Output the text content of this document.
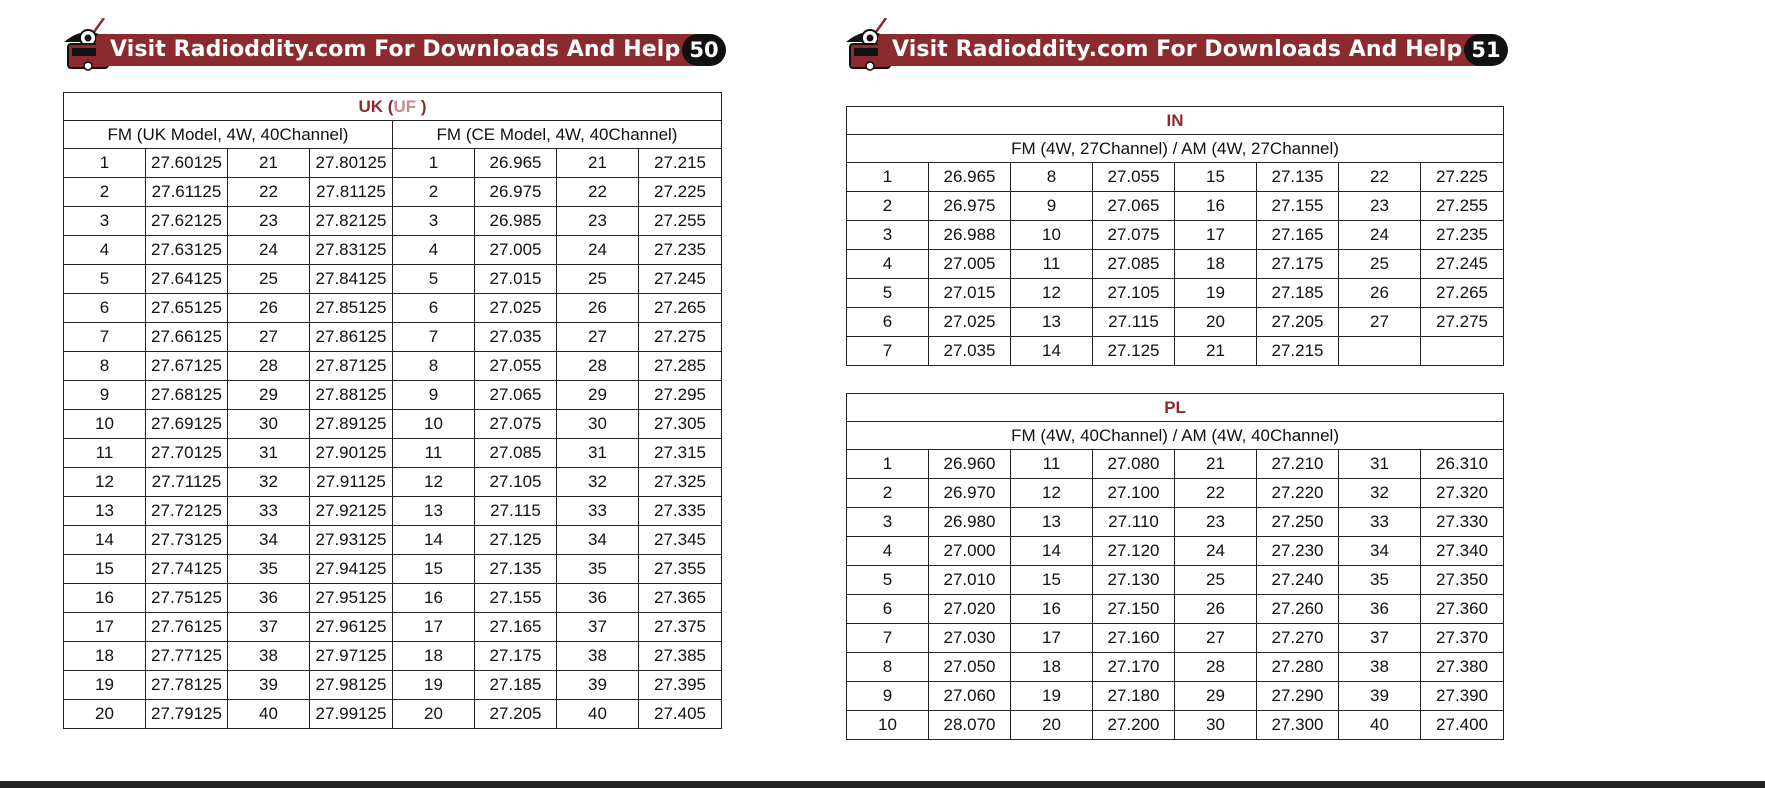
Visit Radioddity.com For Downloads And Help 50
UK (UF )							
FM (UK Model, 4W, 40Channel)				FM (CE Model, 4W, 40Channel)			
1	27.60125	21	27.80125	1	26.965	21	27.215
2	27.61125	22	27.81125	2	26.975	22	27.225
3	27.62125	23	27.82125	3	26.985	23	27.255
4	27.63125	24	27.83125	4	27.005	24	27.235
5	27.64125	25	27.84125	5	27.015	25	27.245
6	27.65125	26	27.85125	6	27.025	26	27.265
7	27.66125	27	27.86125	7	27.035	27	27.275
8	27.67125	28	27.87125	8	27.055	28	27.285
9	27.68125	29	27.88125	9	27.065	29	27.295
10	27.69125	30	27.89125	10	27.075	30	27.305
11	27.70125	31	27.90125	11	27.085	31	27.315
12	27.71125	32	27.91125	12	27.105	32	27.325
13	27.72125	33	27.92125	13	27.115	33	27.335
14	27.73125	34	27.93125	14	27.125	34	27.345
15	27.74125	35	27.94125	15	27.135	35	27.355
16	27.75125	36	27.95125	16	27.155	36	27.365
17	27.76125	37	27.96125	17	27.165	37	27.375
18	27.77125	38	27.97125	18	27.175	38	27.385
19	27.78125	39	27.98125	19	27.185	39	27.395
20	27.79125	40	27.99125	20	27.205	40	27.405
Visit Radioddity.com For Downloads And Help 51
IN							
FM (4W, 27Channel) / AM (4W, 27Channel)							
1	26.965	8	27.055	15	27.135	22	27.225
2	26.975	9	27.065	16	27.155	23	27.255
3	26.988	10	27.075	17	27.165	24	27.235
4	27.005	11	27.085	18	27.175	25	27.245
5	27.015	12	27.105	19	27.185	26	27.265
6	27.025	13	27.115	20	27.205	27	27.275
7	27.035	14	27.125	21	27.215		
PL							
FM (4W, 40Channel) / AM (4W, 40Channel)							
1	26.960	11	27.080	21	27.210	31	26.310
2	26.970	12	27.100	22	27.220	32	27.320
3	26.980	13	27.110	23	27.250	33	27.330
4	27.000	14	27.120	24	27.230	34	27.340
5	27.010	15	27.130	25	27.240	35	27.350
6	27.020	16	27.150	26	27.260	36	27.360
7	27.030	17	27.160	27	27.270	37	27.370
8	27.050	18	27.170	28	27.280	38	27.380
9	27.060	19	27.180	29	27.290	39	27.390
10	28.070	20	27.200	30	27.300	40	27.400
